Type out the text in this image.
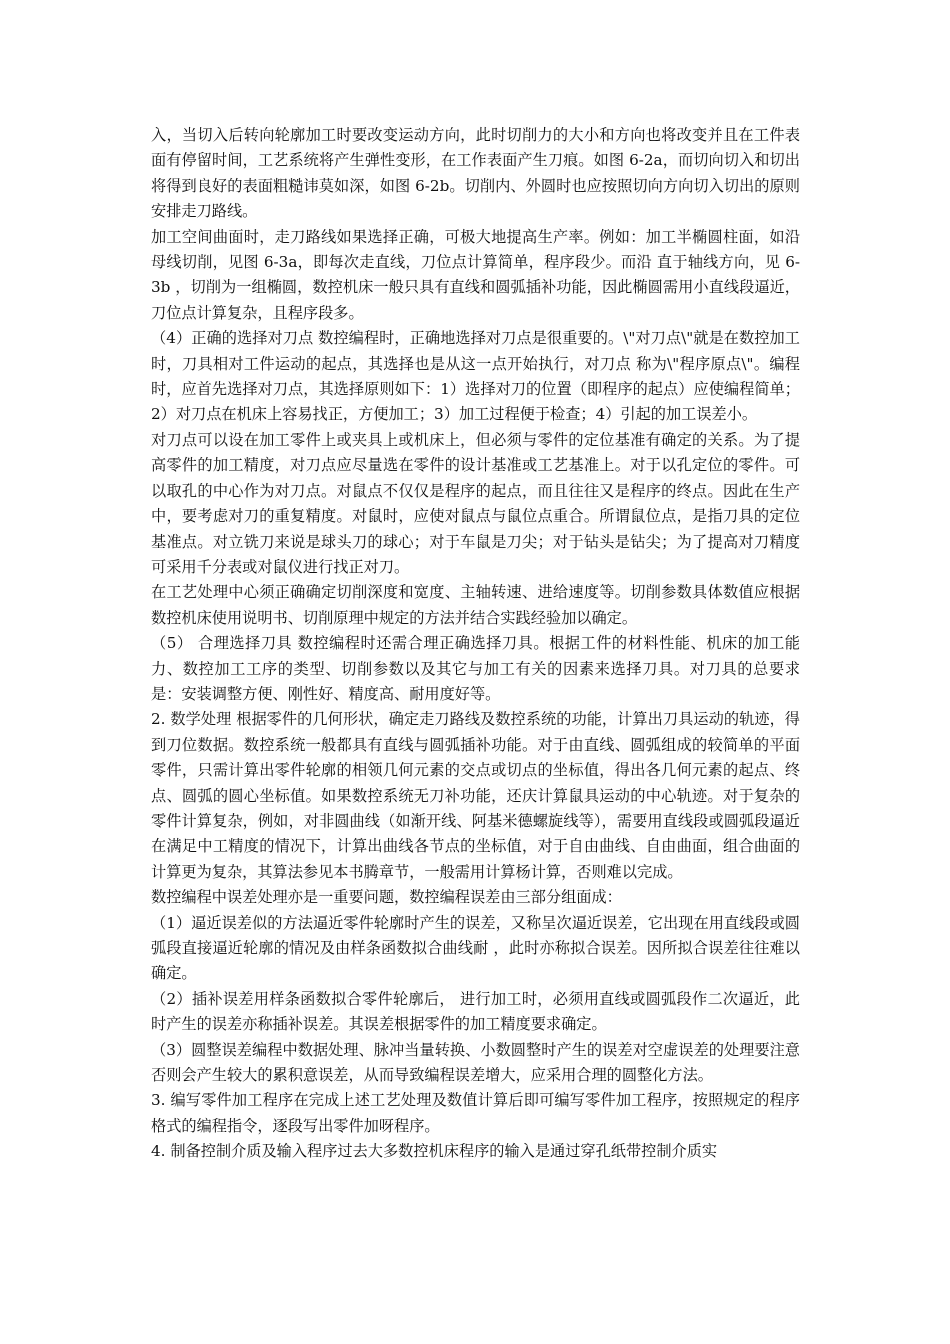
入，当切入后转向轮廓加工时要改变运动方向，此时切削力的大小和方向也将改变并且在工件表面有停留时间，工艺系统将产生弹性变形，在工作表面产生刀痕。如图 6-2a，而切向切入和切出将得到良好的表面粗糙讳莫如深，如图 6-2b。切削内、外圆时也应按照切向方向切入切出的原则安排走刀路线。

加工空间曲面时，走刀路线如果选择正确，可极大地提高生产率。例如：加工半椭圆柱面，如沿母线切削，见图 6-3a，即每次走直线，刀位点计算简单，程序段少。而沿 直于轴线方向，见 6-3b ，切削为一组椭圆，数控机床一般只具有直线和圆弧插补功能，因此椭圆需用小直线段逼近，刀位点计算复杂，且程序段多。

（4）正确的选择对刀点 数控编程时，正确地选择对刀点是很重要的。\"对刀点\"就是在数控加工时，刀具相对工件运动的起点，其选择也是从这一点开始执行，对刀点 称为\"程序原点\"。编程时，应首先选择对刀点，其选择原则如下：1）选择对刀的位置（即程序的起点）应使编程简单；2）对刀点在机床上容易找正，方便加工；3）加工过程便于检查；4）引起的加工误差小。

对刀点可以设在加工零件上或夹具上或机床上，但必须与零件的定位基准有确定的关系。为了提高零件的加工精度，对刀点应尽量选在零件的设计基准或工艺基准上。对于以孔定位的零件。可以取孔的中心作为对刀点。对鼠点不仅仅是程序的起点，而且往往又是程序的终点。因此在生产中，要考虑对刀的重复精度。对鼠时，应使对鼠点与鼠位点重合。所谓鼠位点，是指刀具的定位基准点。对立铣刀来说是球头刀的球心；对于车鼠是刀尖；对于钻头是钻尖；为了提高对刀精度可采用千分表或对鼠仪进行找正对刀。

在工艺处理中心须正确确定切削深度和宽度、主轴转速、进给速度等。切削参数具体数值应根据数控机床使用说明书、切削原理中规定的方法并结合实践经验加以确定。

（5） 合理选择刀具 数控编程时还需合理正确选择刀具。根据工件的材料性能、机床的加工能力、数控加工工序的类型、切削参数以及其它与加工有关的因素来选择刀具。对刀具的总要求是：安装调整方便、刚性好、精度高、耐用度好等。

2. 数学处理 根据零件的几何形状，确定走刀路线及数控系统的功能，计算出刀具运动的轨迹，得到刀位数据。数控系统一般都具有直线与圆弧插补功能。对于由直线、圆弧组成的较简单的平面零件，只需计算出零件轮廓的相领几何元素的交点或切点的坐标值，得出各几何元素的起点、终点、圆弧的圆心坐标值。如果数控系统无刀补功能，还庆计算鼠具运动的中心轨迹。对于复杂的零件计算复杂，例如，对非圆曲线（如渐开线、阿基米德螺旋线等），需要用直线段或圆弧段逼近在满足中工精度的情况下，计算出曲线各节点的坐标值，对于自由曲线、自由曲面，组合曲面的计算更为复杂，其算法参见本书腾章节，一般需用计算杨计算，否则难以完成。

数控编程中误差处理亦是一重要问题，数控编程误差由三部分组面成：

（1）逼近误差似的方法逼近零件轮廓时产生的误差，又称呈次逼近误差，它出现在用直线段或圆弧段直接逼近轮廓的情况及由样条函数拟合曲线耐 ，此时亦称拟合误差。因所拟合误差往往难以确定。

（2）插补误差用样条函数拟合零件轮廓后， 进行加工时，必须用直线或圆弧段作二次逼近，此时产生的误差亦称插补误差。其误差根据零件的加工精度要求确定。

（3）圆整误差编程中数据处理、脉冲当量转换、小数圆整时产生的误差对空虚误差的处理要注意否则会产生较大的累积意误差，从而导致编程误差增大，应采用合理的圆整化方法。

3. 编写零件加工程序在完成上述工艺处理及数值计算后即可编写零件加工程序，按照规定的程序格式的编程指令，逐段写出零件加呀程序。

4. 制备控制介质及输入程序过去大多数控机床程序的输入是通过穿孔纸带控制介质实
